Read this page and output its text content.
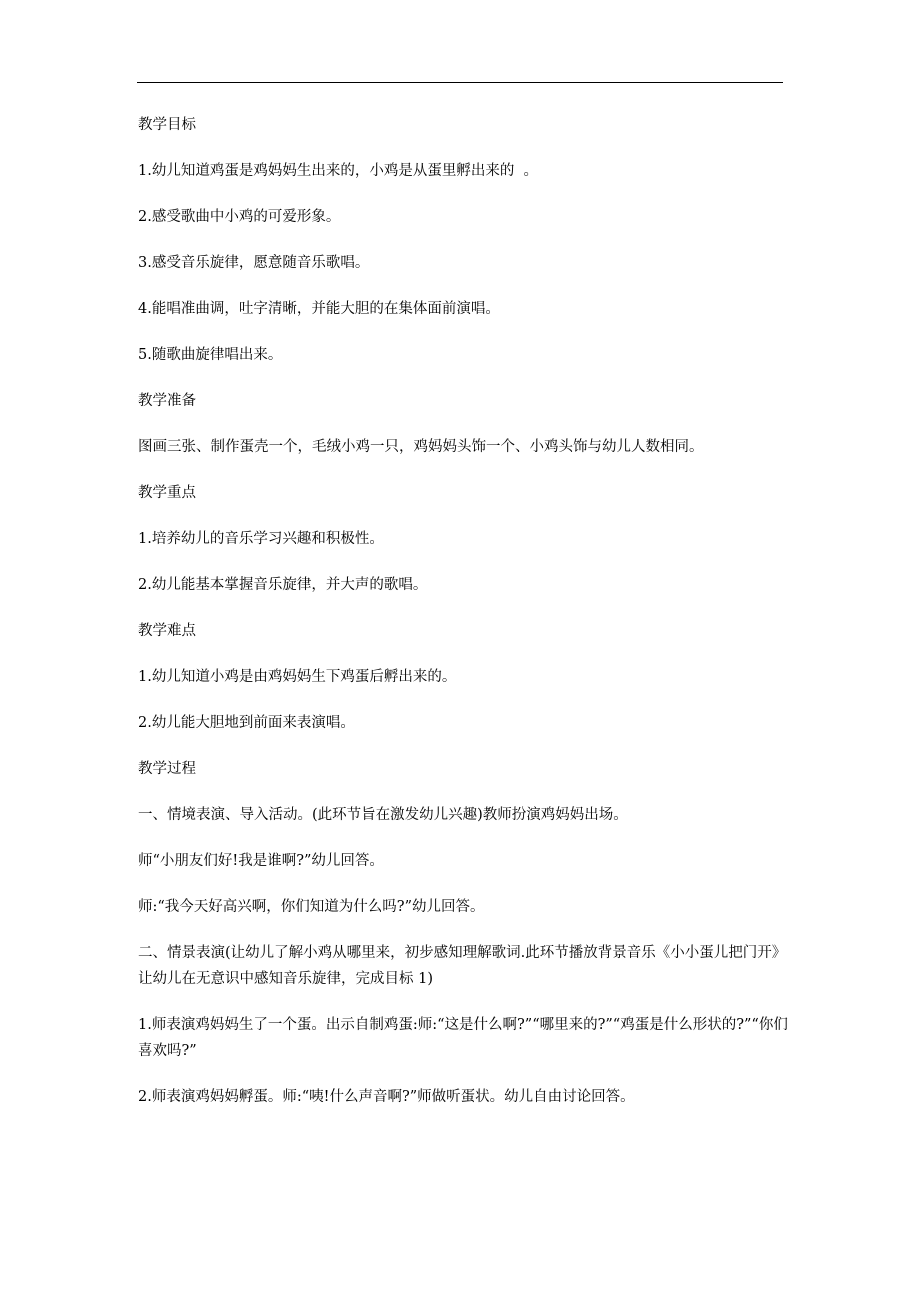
教学目标

1.幼儿知道鸡蛋是鸡妈妈生出来的，小鸡是从蛋里孵出来的  。

2.感受歌曲中小鸡的可爱形象。

3.感受音乐旋律，愿意随音乐歌唱。

4.能唱准曲调，吐字清晰，并能大胆的在集体面前演唱。

5.随歌曲旋律唱出来。

教学准备

图画三张、制作蛋壳一个，毛绒小鸡一只，鸡妈妈头饰一个、小鸡头饰与幼儿人数相同。

教学重点

1.培养幼儿的音乐学习兴趣和积极性。

2.幼儿能基本掌握音乐旋律，并大声的歌唱。

教学难点

1.幼儿知道小鸡是由鸡妈妈生下鸡蛋后孵出来的。

2.幼儿能大胆地到前面来表演唱。

教学过程

一、情境表演、导入活动。(此环节旨在激发幼儿兴趣)教师扮演鸡妈妈出场。

师“小朋友们好!我是谁啊?”幼儿回答。

师:“我今天好高兴啊，你们知道为什么吗?”幼儿回答。

二、情景表演(让幼儿了解小鸡从哪里来，初步感知理解歌词.此环节播放背景音乐《小小蛋儿把门开》让幼儿在无意识中感知音乐旋律，完成目标 1)

1.师表演鸡妈妈生了一个蛋。出示自制鸡蛋:师:“这是什么啊?”“哪里来的?”“鸡蛋是什么形状的?”“你们喜欢吗?”

2.师表演鸡妈妈孵蛋。师:“咦!什么声音啊?”师做听蛋状。幼儿自由讨论回答。
